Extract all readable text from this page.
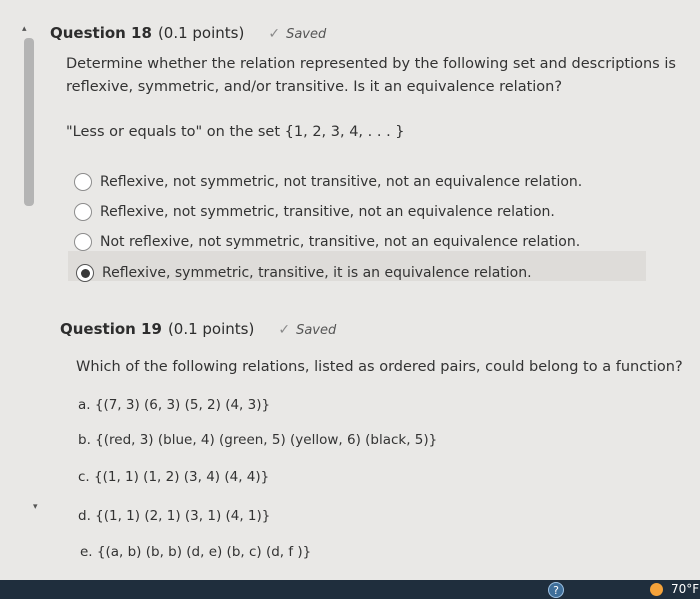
▴
▾
Question 18 (0.1 points) ✓ Saved
Determine whether the relation represented by the following set and descriptions is
reflexive, symmetric, and/or transitive. Is it an equivalence relation?
"Less or equals to" on the set {1, 2, 3, 4, . . . }
Reflexive, not symmetric, not transitive, not an equivalence relation.
Reflexive, not symmetric, transitive, not an equivalence relation.
Not reflexive, not symmetric, transitive, not an equivalence relation.
Reflexive, symmetric, transitive, it is an equivalence relation.
Question 19 (0.1 points) ✓ Saved
Which of the following relations, listed as ordered pairs, could belong to a function?
a. {(7, 3) (6, 3) (5, 2) (4, 3)}
b. {(red, 3) (blue, 4) (green, 5) (yellow, 6) (black, 5)}
c. {(1, 1) (1, 2) (3, 4) (4, 4)}
d. {(1, 1) (2, 1) (3, 1) (4, 1)}
e. {(a, b) (b, b) (d, e) (b, c) (d, f )}
?	70°F
